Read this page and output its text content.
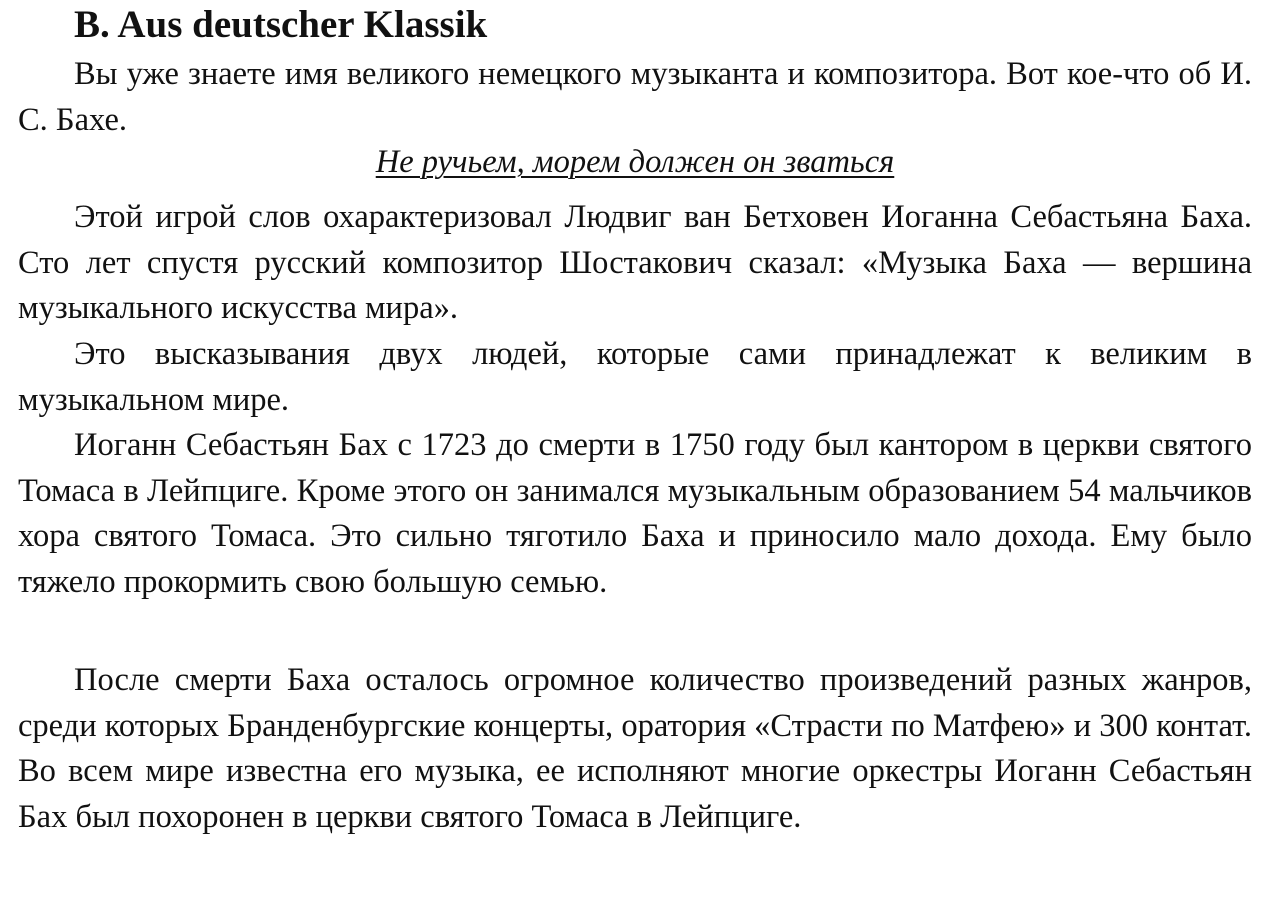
B. Aus deutscher Klassik

Вы уже знаете имя великого немецкого музыканта и композитора. Вот кое-что об И. С. Бахе.

Не ручьем, морем должен он зваться

Этой игрой слов охарактеризовал Людвиг ван Бетховен Иоганна Себастьяна Баха. Сто лет спустя русский композитор Шостакович сказал: «Музыка Баха — вершина музыкального искусства мира».

Это высказывания двух людей, которые сами принадлежат к великим в музыкальном мире.

Иоганн Себастьян Бах с 1723 до смерти в 1750 году был кантором в церкви святого Томаса в Лейпциге. Кроме этого он занимался музыкальным образованием 54 мальчиков хора святого Томаса. Это сильно тяготило Баха и приносило мало дохода. Ему было тяжело прокормить свою большую семью.

После смерти Баха осталось огромное количество произведений разных жанров, среди которых Бранденбургские концерты, оратория «Страсти по Матфею» и 300 контат. Во всем мире известна его музыка, ее исполняют многие оркестры Иоганн Себастьян Бах был похоронен в церкви святого Томаса в Лейпциге.
